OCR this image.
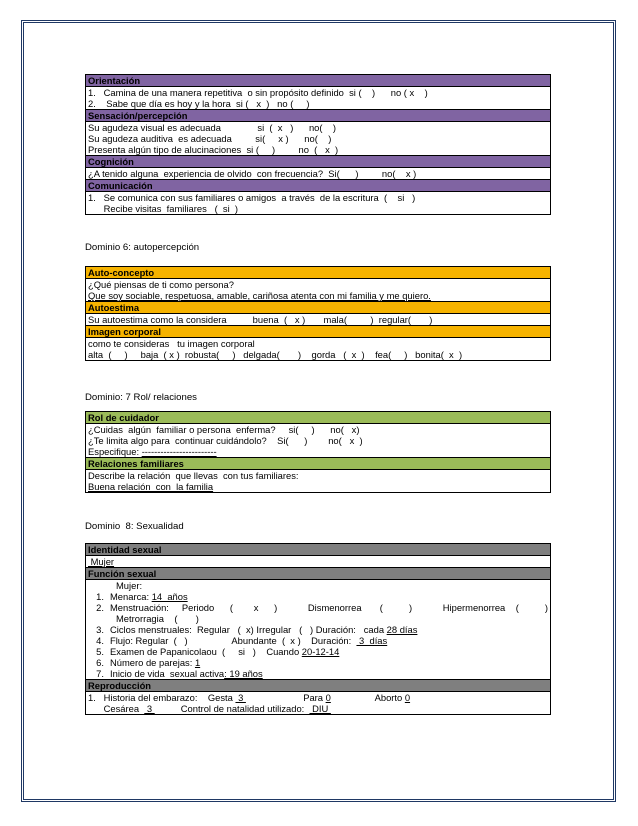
Orientación
1.   Camina de una manera repetitiva  o sin propósito definido  si (    )      no ( x    )
2.    Sabe que día es hoy y la hora  si (   x  )   no (     )
Sensación/percepción
Su agudeza visual es adecuada              si  (  x   )      no(    )
Su agudeza auditiva  es adecuada         si(     x )      no(    )
Presenta algún tipo de alucinaciones  si (     )         no  (   x  )
Cognición
¿A tenido alguna  experiencia de olvido  con frecuencia?  Si(      )         no(    x )
Comunicación
1.   Se comunica con sus familiares o amigos  a través  de la escritura  (    si   )
Recibe visitas  familiares   (  si  )
Dominio 6: autopercepción
Auto-concepto
¿Qué piensas de ti como persona?
Que soy sociable, respetuosa, amable, cariñosa atenta con mi familia y me quiero.
Autoestima
Su autoestima como la considera          buena  (   x )       mala(         )  regular(       )
Imagen corporal
como te consideras   tu imagen corporal
alta  (     )     baja  ( x )  robusta(     )   delgada(       )    gorda   (  x  )    fea(     )   bonita(  x  )
Dominio: 7 Rol/ relaciones
Rol de cuidador
¿Cuidas  algún  familiar o persona  enferma?     si(     )      no(   x)
¿Te limita algo para  continuar cuidándolo?    Si(      )        no(   x  )
Especifique: ------------------------
Relaciones familiares
Describe la relación  que llevas  con tus familiares:
Buena relación  con  la familia
Dominio  8: Sexualidad
Identidad sexual
Mujer
Función sexual
Mujer:
1. Menarca: 14  años
2. Menstruación:     Periodo      (        x      )	Dismenorrea       (          )	Hipermenorrea    (          )
Metrorragia    (       )
3. Ciclos menstruales:  Regular   (  x) Irregular   (   ) Duración:   cada 28 días
4. Flujo: Regular  (   )                 Abundante  (  x )    Duración: 3  días
5. Examen de Papanicolaou  (     si   )    Cuando 20-12-14
6. Número de parejas: 1
7. Inicio de vida  sexual activa : 19 años
Reproducción
1.   Historia del embarazo:    Gesta  3                       Para 0                 Aborto 0
Cesárea   3           Control de natalidad utilizado:   DIU
